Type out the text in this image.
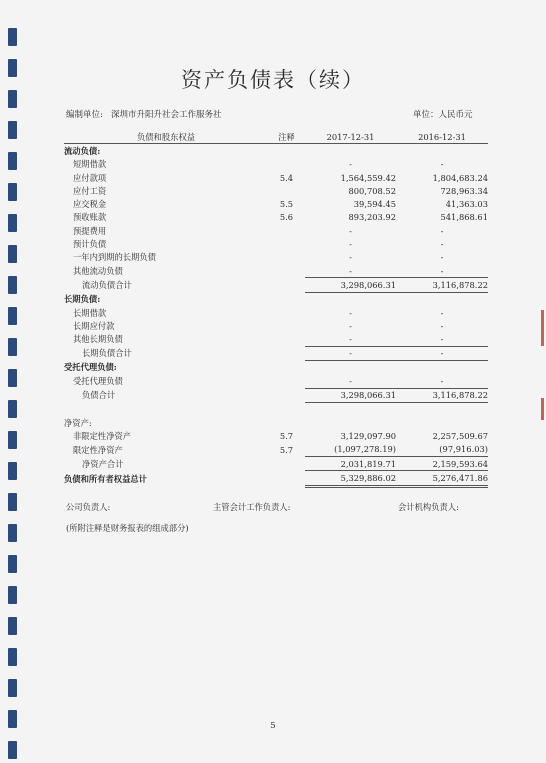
资产负债表（续）
编制单位: 深圳市升阳升社会工作服务社	单位：人民币元
负债和股东权益	注释	2017-12-31	2016-12-31
流动负债:			
短期借款		-	-
应付款项	5.4	1,564,559.42	1,804,683.24
应付工资		800,708.52	728,963.34
应交税金	5.5	39,594.45	41,363.03
预收账款	5.6	893,203.92	541,868.61
预提费用		-	-
预计负债		-	-
一年内到期的长期负债		-	-
其他流动负债		-	-
流动负债合计		3,298,066.31	3,116,878.22
长期负债:			
长期借款		-	-
长期应付款		-	-
其他长期负债		-	-
长期负债合计		-	-
受托代理负债:			
受托代理负债		-	-
负债合计		3,298,066.31	3,116,878.22

净资产:			
非限定性净资产	5.7	3,129,097.90	2,257,509.67
限定性净资产	5.7	(1,097,278.19)	(97,916.03)
净资产合计		2,031,819.71	2,159,593.64
负债和所有者权益总计		5,329,886.02	5,276,471.86
公司负责人:	主管会计工作负责人:	会计机构负责人:
(所附注释是财务报表的组成部分)
5
